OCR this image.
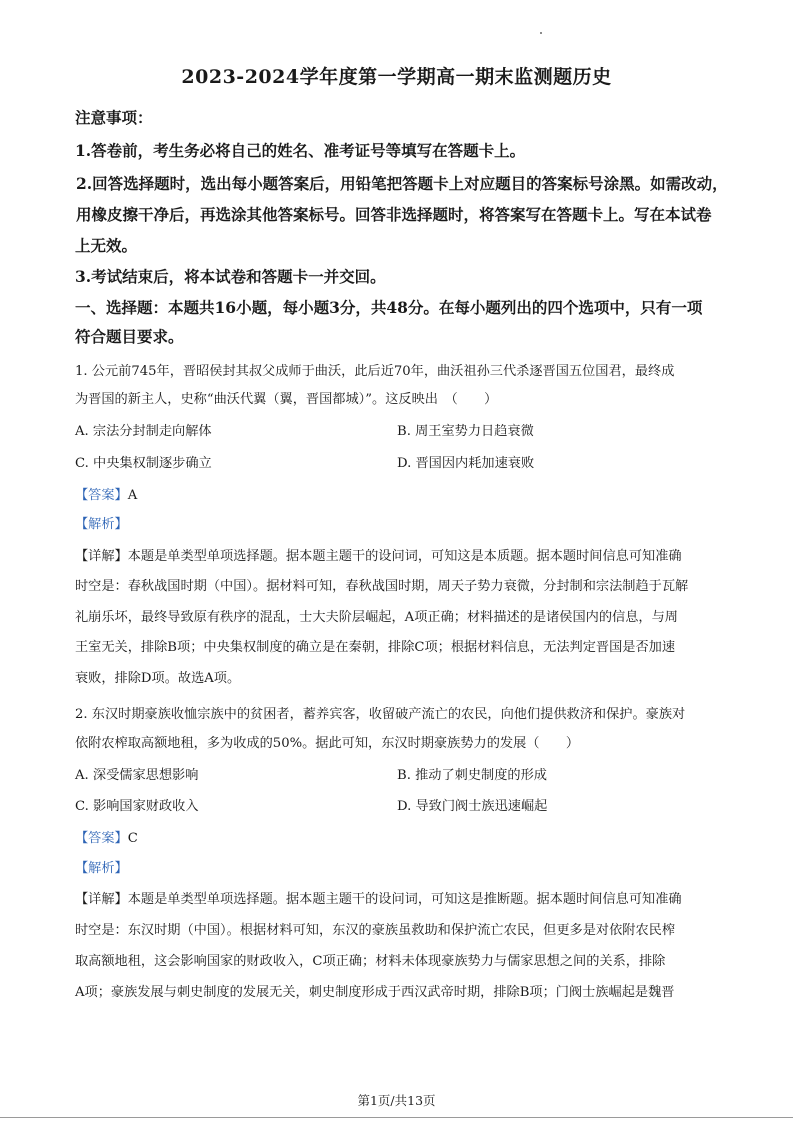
2023-2024学年度第一学期高一期末监测题历史
注意事项：
1.答卷前，考生务必将自己的姓名、准考证号等填写在答题卡上。
2.回答选择题时，选出每小题答案后，用铅笔把答题卡上对应题目的答案标号涂黑。如需改动，
用橡皮擦干净后，再选涂其他答案标号。回答非选择题时，将答案写在答题卡上。写在本试卷
上无效。
3.考试结束后，将本试卷和答题卡一并交回。
一、选择题：本题共16小题，每小题3分，共48分。在每小题列出的四个选项中，只有一项
符合题目要求。
1. 公元前745年，晋昭侯封其叔父成师于曲沃，此后近70年，曲沃祖孙三代杀逐晋国五位国君，最终成
为晋国的新主人，史称“曲沃代翼（翼，晋国都城）”。这反映出　（　　）
A. 宗法分封制走向解体	B. 周王室势力日趋衰微
C. 中央集权制逐步确立	D. 晋国因内耗加速衰败
【答案】A
【解析】
【详解】本题是单类型单项选择题。据本题主题干的设问词，可知这是本质题。据本题时间信息可知准确
时空是：春秋战国时期（中国）。据材料可知，春秋战国时期，周天子势力衰微，分封制和宗法制趋于瓦解
礼崩乐坏，最终导致原有秩序的混乱，士大夫阶层崛起，A项正确；材料描述的是诸侯国内的信息，与周
王室无关，排除B项；中央集权制度的确立是在秦朝，排除C项；根据材料信息，无法判定晋国是否加速
衰败，排除D项。故选A项。
2. 东汉时期豪族收恤宗族中的贫困者，蓄养宾客，收留破产流亡的农民，向他们提供救济和保护。豪族对
依附农榨取高额地租，多为收成的50%。据此可知，东汉时期豪族势力的发展（　　）
A. 深受儒家思想影响	B. 推动了刺史制度的形成
C. 影响国家财政收入	D. 导致门阀士族迅速崛起
【答案】C
【解析】
【详解】本题是单类型单项选择题。据本题主题干的设问词，可知这是推断题。据本题时间信息可知准确
时空是：东汉时期（中国）。根据材料可知，东汉的豪族虽救助和保护流亡农民，但更多是对依附农民榨
取高额地租，这会影响国家的财政收入，C项正确；材料未体现豪族势力与儒家思想之间的关系，排除
A项；豪族发展与刺史制度的发展无关，刺史制度形成于西汉武帝时期，排除B项；门阀士族崛起是魏晋
第1页/共13页
